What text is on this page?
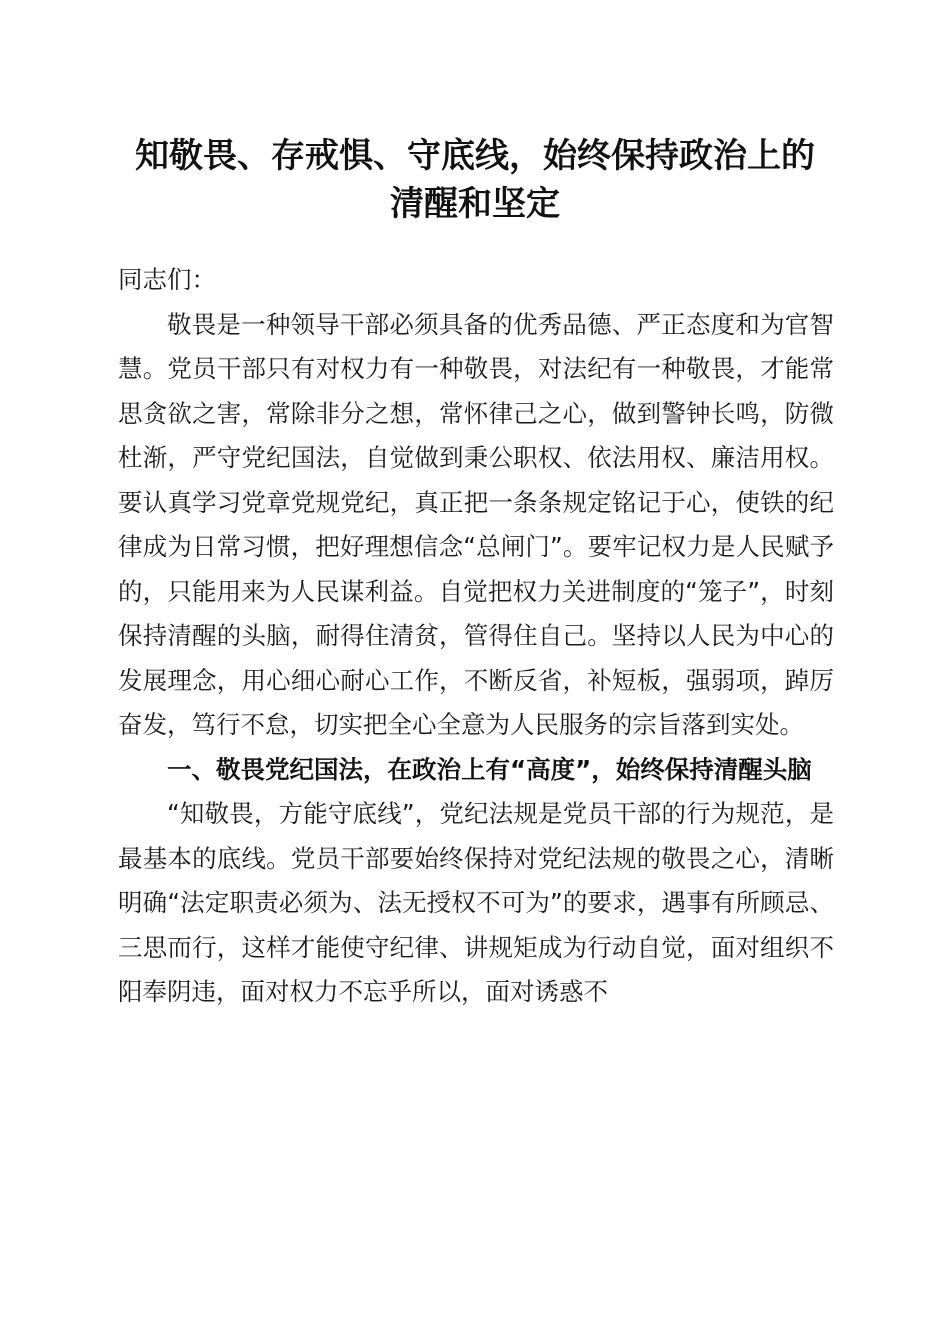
知敬畏、存戒惧、守底线，始终保持政治上的
清醒和坚定

同志们：

敬畏是一种领导干部必须具备的优秀品德、严正态度和为官智慧。党员干部只有对权力有一种敬畏，对法纪有一种敬畏，才能常思贪欲之害，常除非分之想，常怀律己之心，做到警钟长鸣，防微杜渐，严守党纪国法，自觉做到秉公职权、依法用权、廉洁用权。要认真学习党章党规党纪，真正把一条条规定铭记于心，使铁的纪律成为日常习惯，把好理想信念“总闸门”。要牢记权力是人民赋予的，只能用来为人民谋利益。自觉把权力关进制度的“笼子”，时刻保持清醒的头脑，耐得住清贫，管得住自己。坚持以人民为中心的发展理念，用心细心耐心工作，不断反省，补短板，强弱项，踔厉奋发，笃行不怠，切实把全心全意为人民服务的宗旨落到实处。

一、敬畏党纪国法，在政治上有“高度”，始终保持清醒头脑

“知敬畏，方能守底线”，党纪法规是党员干部的行为规范，是最基本的底线。党员干部要始终保持对党纪法规的敬畏之心，清晰明确“法定职责必须为、法无授权不可为”的要求，遇事有所顾忌、三思而行，这样才能使守纪律、讲规矩成为行动自觉，面对组织不阳奉阴违，面对权力不忘乎所以，面对诱惑不
